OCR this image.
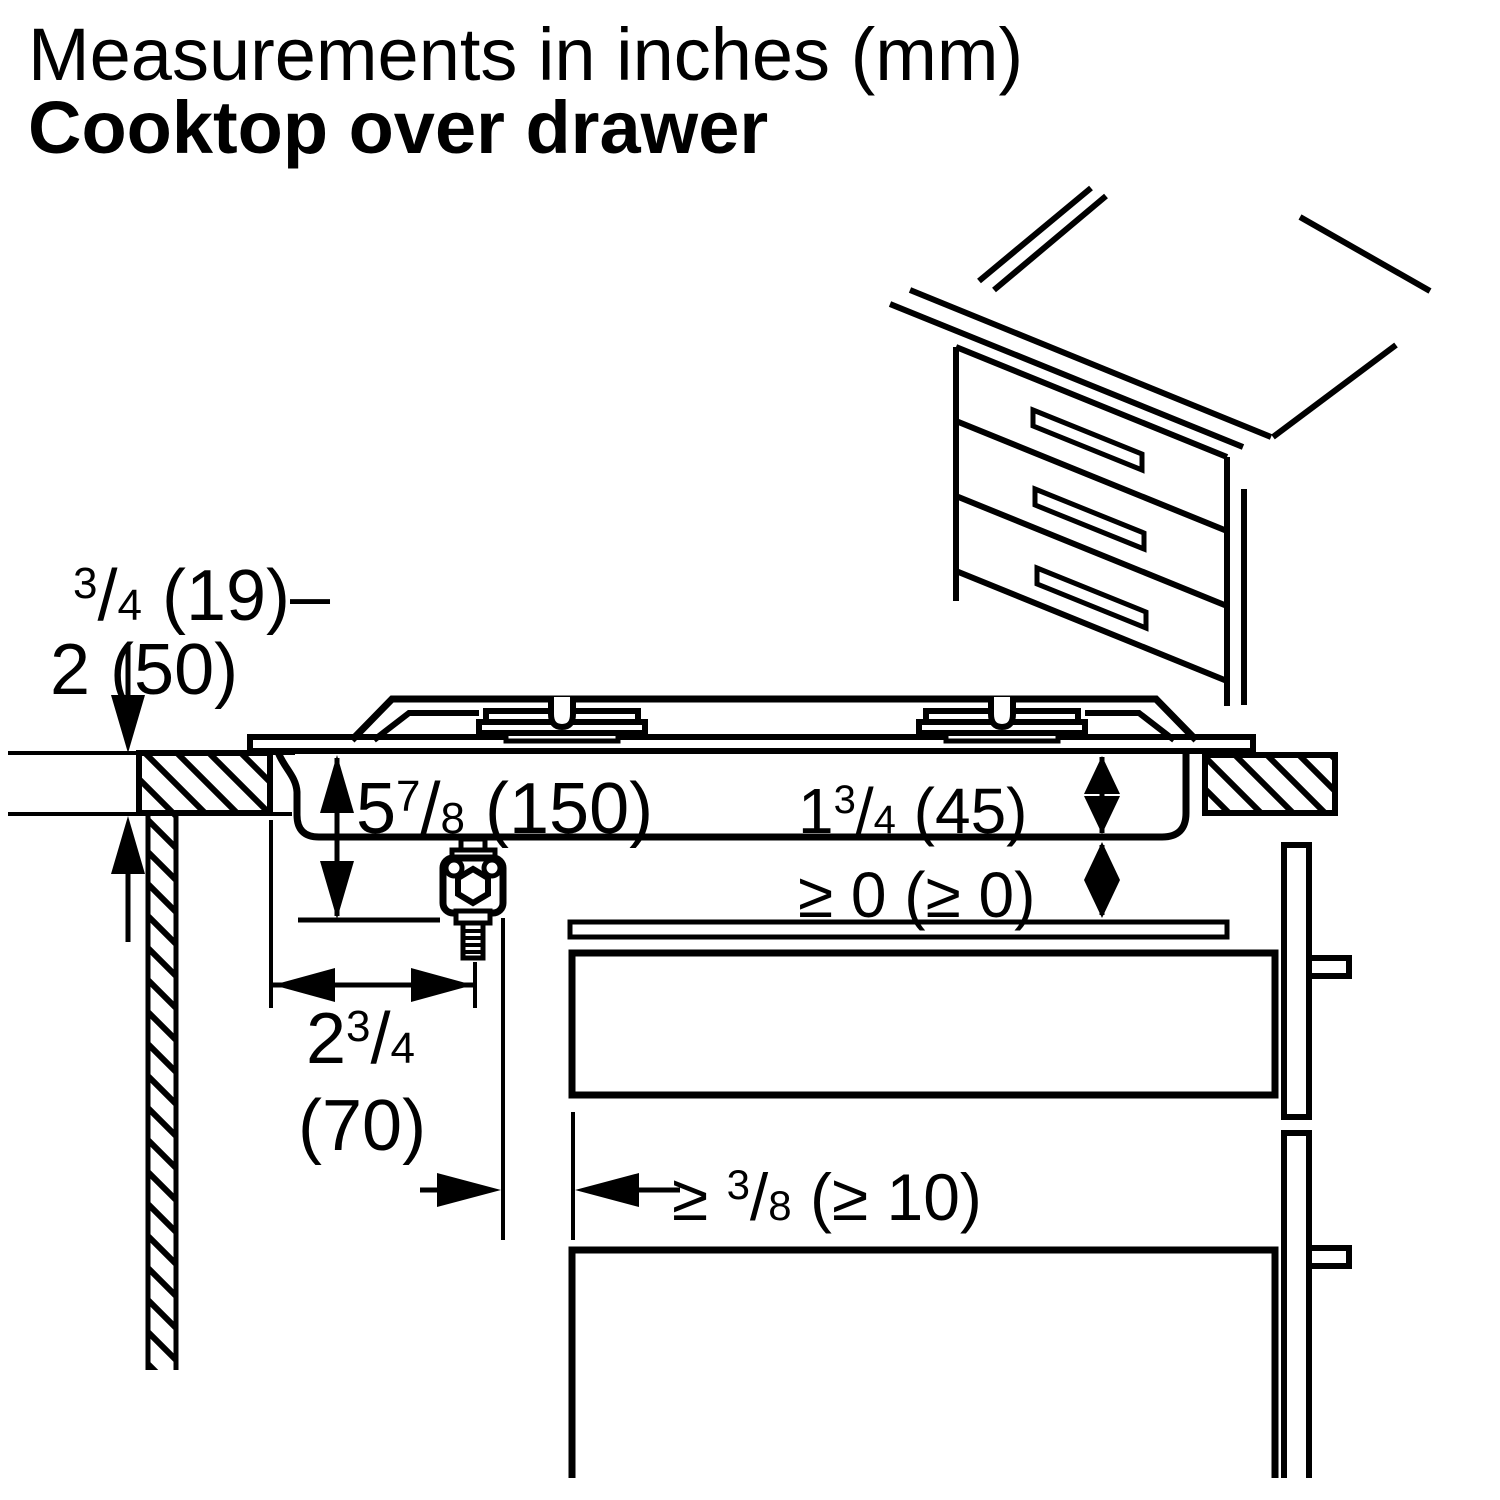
Measurements in inches (mm)
Cooktop over drawer
$^3$/4 (19)–
2 (50)
$5^7/8$ (150) $1^3/4$ (45)
≥ 0 (≥ 0)
$2^3/4$
(70)
≥ $^3$/8 (≥ 10)
